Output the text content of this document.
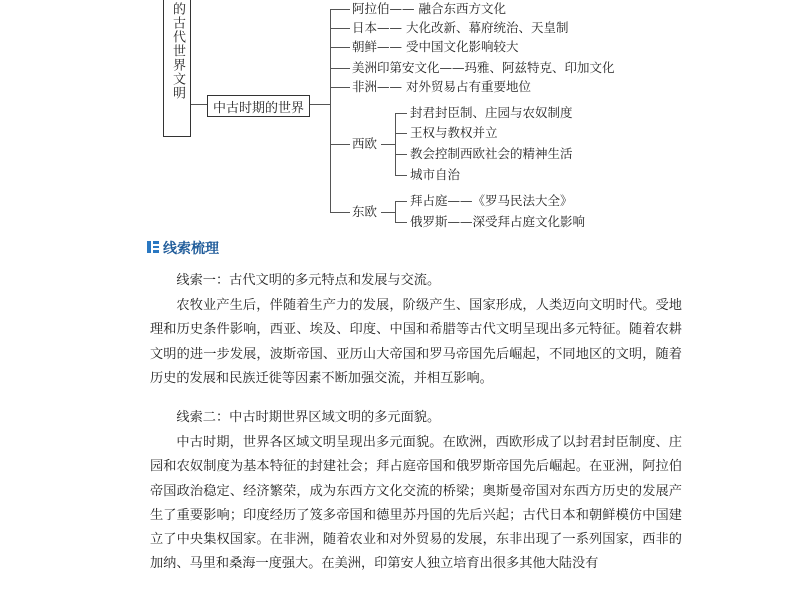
的古代世界文明
中古时期的世界
阿拉伯—— 融合东西方文化
日本—— 大化改新、幕府统治、天皇制
朝鲜—— 受中国文化影响较大
美洲印第安文化——玛雅、阿兹特克、印加文化
非洲—— 对外贸易占有重要地位
西欧
封君封臣制、庄园与农奴制度
王权与教权并立
教会控制西欧社会的精神生活
城市自治
东欧
拜占庭——《罗马民法大全》
俄罗斯——深受拜占庭文化影响
线索梳理
线索一：古代文明的多元特点和发展与交流。
农牧业产生后，伴随着生产力的发展，阶级产生、国家形成，人类迈向文明时代。受地理和历史条件影响，西亚、埃及、印度、中国和希腊等古代文明呈现出多元特征。随着农耕文明的进一步发展，波斯帝国、亚历山大帝国和罗马帝国先后崛起，不同地区的文明，随着历史的发展和民族迁徙等因素不断加强交流，并相互影响。
线索二：中古时期世界区域文明的多元面貌。
中古时期，世界各区域文明呈现出多元面貌。在欧洲，西欧形成了以封君封臣制度、庄园和农奴制度为基本特征的封建社会；拜占庭帝国和俄罗斯帝国先后崛起。在亚洲，阿拉伯帝国政治稳定、经济繁荣，成为东西方文化交流的桥梁；奥斯曼帝国对东西方历史的发展产生了重要影响；印度经历了笈多帝国和德里苏丹国的先后兴起；古代日本和朝鲜模仿中国建立了中央集权国家。在非洲，随着农业和对外贸易的发展，东非出现了一系列国家，西非的加纳、马里和桑海一度强大。在美洲，印第安人独立培育出很多其他大陆没有
